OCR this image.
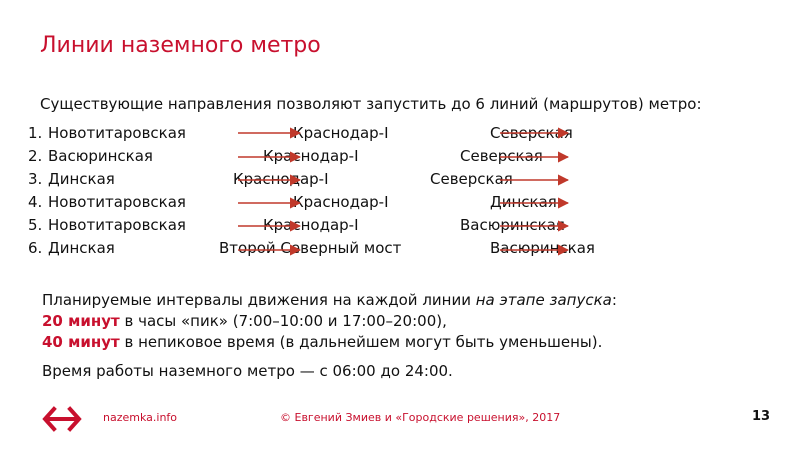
Линии наземного метро
Существующие направления позволяют запустить до 6 линий (маршрутов) метро:
1. Новотитаровская	Краснодар-I	Северская
2. Васюринская	Краснодар-I	Северская
3. Динская	Краснодар-I	Северская
4. Новотитаровская	Краснодар-I	Динская
5. Новотитаровская	Краснодар-I	Васюринская
6. Динская	Второй Северный мост	Васюринская
Планируемые интервалы движения на каждой линии на этапе запуска:
20 минут в часы «пик» (7:00–10:00 и 17:00–20:00),
40 минут в непиковое время (в дальнейшем могут быть уменьшены).
Время работы наземного метро — с 06:00 до 24:00.
nazemka.info	© Евгений Змиев и «Городские решения», 2017	13
